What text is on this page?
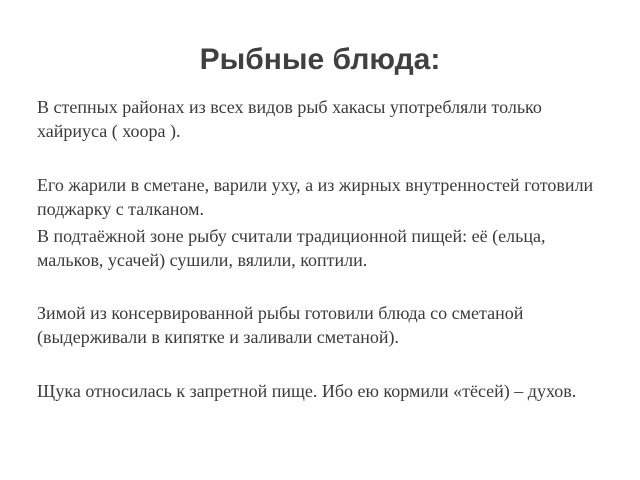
Рыбные блюда:

В степных районах из всех видов рыб хакасы употребляли только хайриуса ( хоора ).

Его жарили в сметане, варили уху, а из жирных внутренностей готовили поджарку с талканом.

В подтаёжной зоне рыбу считали традиционной пищей: её (ельца, мальков, усачей) сушили, вялили, коптили.

Зимой из консервированной рыбы готовили блюда со сметаной (выдерживали в кипятке и заливали сметаной).

Щука относилась к запретной пище. Ибо ею кормили «тёсей) – духов.
